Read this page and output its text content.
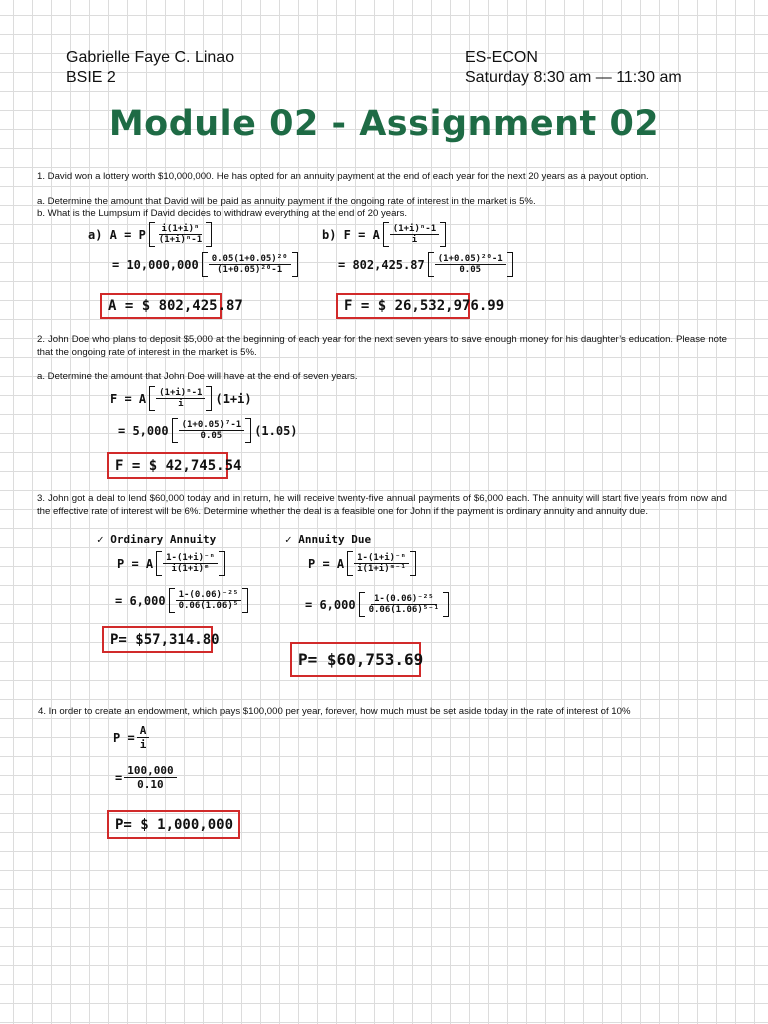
Gabrielle Faye C. Linao
BSIE 2
ES-ECON
Saturday 8:30 am — 11:30 am
Module 02 - Assignment 02
1. David won a lottery worth $10,000,000. He has opted for an annuity payment at the end of each year for the next 20 years as a payout option.
a. Determine the amount that David will be paid as annuity payment if the ongoing rate of interest in the market is 5%.
b. What is the Lumpsum if David decides to withdraw everything at the end of 20 years.
a) A = P $\frac{\text{i(1+i)ⁿ}}{\text{(1+i)ⁿ-1}}$
= $10,000,000 \frac{\text{0.05(1+0.05)²⁰}}{\text{(1+0.05)²⁰-1}}$
A = $ 802,425.87
b) F = A $\frac{\text{(1+i)ⁿ-1}}{i}$
= $802,425.87 \frac{\text{(1+0.05)²⁰-1}}{0.05}$
F = $ 26,532,976.99
2. John Doe who plans to deposit $5,000 at the beginning of each year for the next seven years to save enough money for his daughter’s education. Please note that the ongoing rate of interest in the market is 5%.
a. Determine the amount that John Doe will have at the end of seven years.
F = A $\frac{\text{(1+i)ⁿ-1}}{i} (1+i)$
= $5,000 \frac{\text{(1+0.05)⁷-1}}{0.05} (1.05)$
F = $ 42,745.54
3. John got a deal to lend $60,000 today and in return, he will receive twenty-five annual payments of $6,000 each. The annuity will start five years from now and the effective rate of interest will be 6%. Determine whether the deal is a feasible one for John if the payment is ordinary annuity and annuity due.
✓ Ordinary Annuity
P = A $\frac{\text{1-(1+i)⁻ⁿ}}{\text{i(1+i)ᵐ}}$
= $6,000 \frac{\text{1-(0.06)⁻²⁵}}{\text{0.06(1.06)⁵}}$
P= $57,314.80
✓ Annuity Due
P = A $\frac{\text{1-(1+i)⁻ⁿ}}{\text{i(1+i)ᵐ⁻¹}}$
= $6,000 \frac{\text{1-(0.06)⁻²⁵}}{\text{0.06(1.06)⁵⁻¹}}$
P= $60,753.69
4. In order to create an endowment, which pays $100,000 per year, forever, how much must be set aside today in the rate of interest of 10%
$P = \frac{A}{i}$
= $\frac{100,000}{0.10}$
P= $ 1,000,000
